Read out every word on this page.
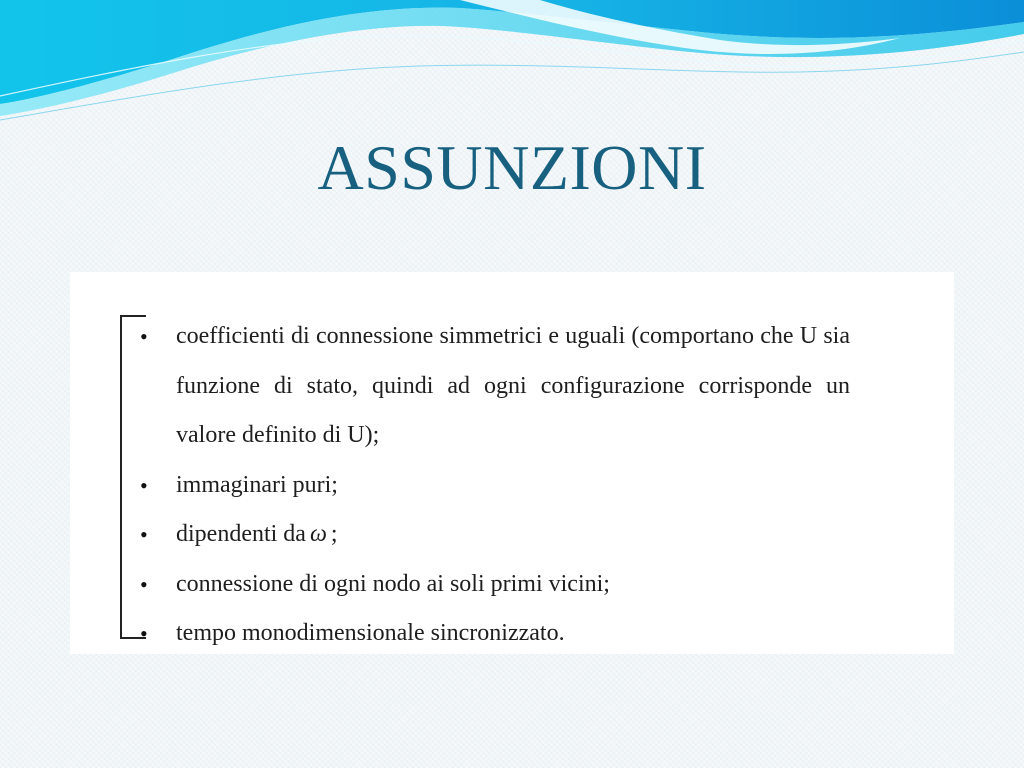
ASSUNZIONI
• coefficienti di connessione simmetrici e uguali (comportano che U sia funzione di stato, quindi ad ogni configurazione corrisponde un valore definito di U);
• immaginari puri;
• dipendenti da ω ;
• connessione di ogni nodo ai soli primi vicini;
• tempo monodimensionale sincronizzato.
